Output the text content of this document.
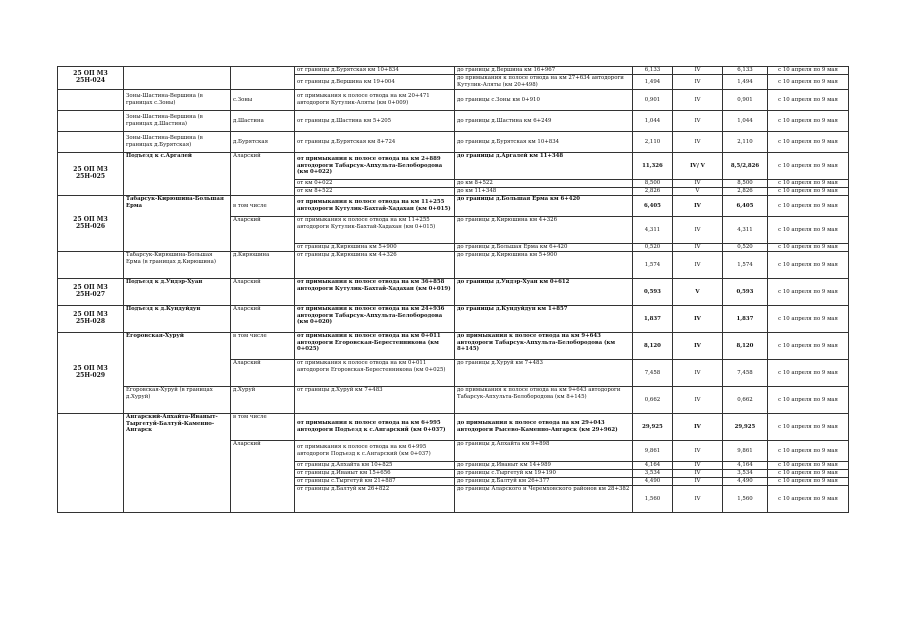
25 ОП МЗ 25Н-024			от границы д.Бурятская км 10+834	до границы д.Вершина км 16+967	6,133	IV	6,133	с 10 апреля по 9 мая
			от границы д.Вершина км 19+004	до примыкания к полосе отвода на км 27+634 автодороги Кутулик-Аляты (км 20+498)	1,494	IV	1,494	с 10 апреля по 9 мая
	Зоны-Шастина-Вершина (в границах с.Зоны)	с.Зоны	от примыкания к полосе отвода на км 20+471 автодороги Кутулик-Аляты (км 0+009)	до границы с.Зоны км 0+910	0,901	IV	0,901	с 10 апреля по 9 мая
	Зоны-Шастина-Вершина (в границах д.Шастина)	д.Шастина	от границы д.Шастина км 5+205	до границы д.Шастина км 6+249	1,044	IV	1,044	с 10 апреля по 9 мая
	Зоны-Шастина-Вершина (в границах д.Бурятская)	д.Бурятская	от границы д.Бурятская км 8+724	до границы д.Бурятская км 10+834	2,110	IV	2,110	с 10 апреля по 9 мая
25 ОП МЗ 25Н-025	Подъезд к с.Аргалей	Аларский	от примыкания к полосе отвода на км 2+889 автодороги Табарсук-Апхульта-Белобородова (км 0+022)	до границы д.Аргалей км 11+348	11,326	IV/ V	8,5/2,826	с 10 апреля по 9 мая
			от км 0+022	до км 8+522	8,500	IV	8,500	с 10 апреля по 9 мая
			от км 8+522	до км 11+348	2,826	V	2,826	с 10 апреля по 9 мая
25 ОП МЗ 25Н-026	Табарсук-Кирюшина-Большая Ерма	в том числе	от примыкания к полосе отвода на км 11+255 автодороги Кутулик-Бахтай-Хадахан (км 0+015)	до границы д.Большая Ерма км 6+420	6,405	IV	6,405	с 10 апреля по 9 мая
		Аларский	от примыкания к полосе отвода на км 11+255 автодороги Кутулик-Бахтай-Хадахан (км 0+015)	до границы д.Кирюшина км 4+326	4,311	IV	4,311	с 10 апреля по 9 мая
			от границы д.Кирюшина км 5+900	до границы д.Большая Ерма км 6+420	0,520	IV	0,520	с 10 апреля по 9 мая
	Табарсук-Кирюшина-Большая Ерма (в границах д.Кирюшина)	д.Кирюшина	от границы д.Кирюшина км 4+326	до границы д.Кирюшина км 5+900	1,574	IV	1,574	с 10 апреля по 9 мая
25 ОП МЗ 25Н-027	Подъезд к д.Ундэр-Хуан	Аларский	от примыкания к полосе отвода на км 36+858 автодороги Кутулик-Бахтай-Хадахан (км 0+019)	до границы д.Ундэр-Хуан км 0+612	0,593	V	0,593	с 10 апреля по 9 мая
25 ОП МЗ 25Н-028	Подъезд к д.Кундуйдун	Аларский	от примыкания к полосе отвода на км 24+936 автодороги Табарсук-Апхульта-Белобородова (км 0+020)	до границы д.Кундуйдун км 1+857	1,837	IV	1,837	с 10 апреля по 9 мая
25 ОП МЗ 25Н-029	Егоровская-Хуруй	в том числе	от примыкания к полосе отвода на км 0+011 автодороги Егоровская-Берестенникова (км 0+025)	до примыкания к полосе отвода на км 9+643 автодороги Табарсук-Апхульта-Белобородова (км 8+145)	8,120	IV	8,120	с 10 апреля по 9 мая
		Аларский	от примыкания к полосе отвода на км 0+011 автодороги Егоровская-Берестенникова (км 0+025)	до границы д.Хуруй км 7+483	7,458	IV	7,458	с 10 апреля по 9 мая
	Егоровская-Хуруй (в границах д.Хуруй)	д.Хуруй	от границы д.Хуруй км 7+483	до примыкания к полосе отвода на км 9+643 автодороги Табарсук-Апхульта-Белобородова (км 8+145)	0,662	IV	0,662	с 10 апреля по 9 мая
	Ангарский-Апхайта-Иваныт-Тыргетуй-Балтуй-Каменно-Ангарск	в том числе	от примыкания к полосе отвода на км 6+995 автодороги Подъезд к с.Ангарский (км 0+037)	до примыкания к полосе отвода на км 29+043 автодороги Рысево-Каменно-Ангарск (км 29+962)	29,925	IV	29,925	с 10 апреля по 9 мая
		Аларский	от примыкания к полосе отвода на км 6+995 автодороги Подъезд к с.Ангарский (км 0+037)	до границы д.Апхайта км 9+898	9,861	IV	9,861	с 10 апреля по 9 мая
			от границы д.Апхайта км 10+825	до границы д.Иваныт км 14+989	4,164	IV	4,164	с 10 апреля по 9 мая
			от границы д.Иваныт км 15+656	до границы с.Тыргетуй км 19+190	3,534	IV	3,534	с 10 апреля по 9 мая
			от границы с.Тыргетуй км 21+887	до границы д.Балтуй км 26+377	4,490	IV	4,490	с 10 апреля по 9 мая
			от границы д.Балтуй км 26+822	до границы Аларского и Черемховского районов км 28+382	1,560	IV	1,560	с 10 апреля по 9 мая
